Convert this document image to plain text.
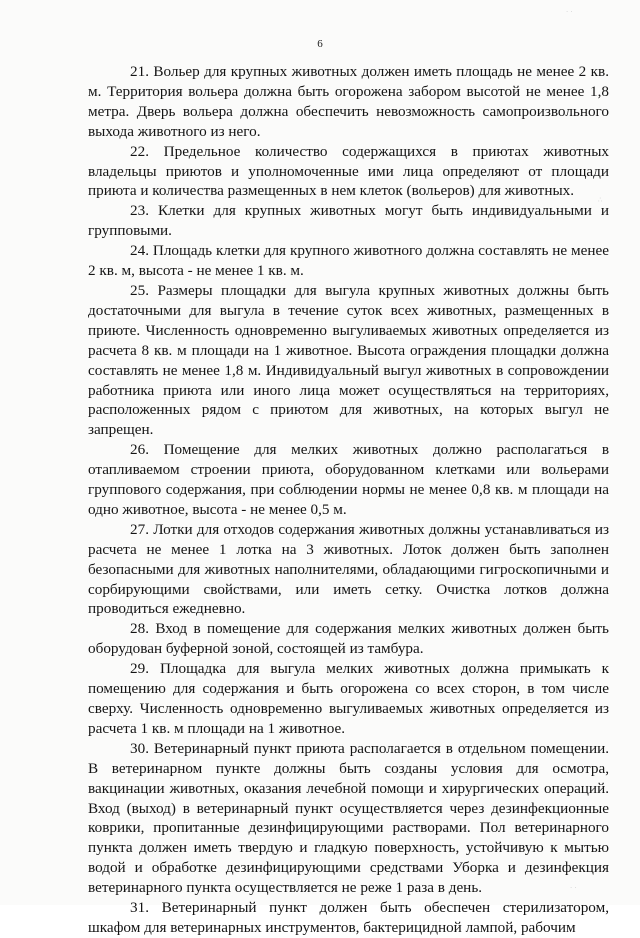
6

21. Вольер для крупных животных должен иметь площадь не менее 2 кв. м. Территория вольера должна быть огорожена забором высотой не менее 1,8 метра. Дверь вольера должна обеспечить невозможность самопроизвольного выхода животного из него.

22. Предельное количество содержащихся в приютах животных владельцы приютов и уполномоченные ими лица определяют от площади приюта и количества размещенных в нем клеток (вольеров) для животных.

23. Клетки для крупных животных могут быть индивидуальными и групповыми.

24. Площадь клетки для крупного животного должна составлять не менее 2 кв. м, высота - не менее 1 кв. м.

25. Размеры площадки для выгула крупных животных должны быть достаточными для выгула в течение суток всех животных, размещенных в приюте. Численность одновременно выгуливаемых животных определяется из расчета 8 кв. м площади на 1 животное. Высота ограждения площадки должна составлять не менее 1,8 м. Индивидуальный выгул животных в сопровождении работника приюта или иного лица может осуществляться на территориях, расположенных рядом с приютом для животных, на которых выгул не запрещен.

26. Помещение для мелких животных должно располагаться в отапливаемом строении приюта, оборудованном клетками или вольерами группового содержания, при соблюдении нормы не менее 0,8 кв. м площади на одно животное, высота - не менее 0,5 м.

27. Лотки для отходов содержания животных должны устанавливаться из расчета не менее 1 лотка на 3 животных. Лоток должен быть заполнен безопасными для животных наполнителями, обладающими гигроскопичными и сорбирующими свойствами, или иметь сетку. Очистка лотков должна проводиться ежедневно.

28. Вход в помещение для содержания мелких животных должен быть оборудован буферной зоной, состоящей из тамбура.

29. Площадка для выгула мелких животных должна примыкать к помещению для содержания и быть огорожена со всех сторон, в том числе сверху. Численность одновременно выгуливаемых животных определяется из расчета 1 кв. м площади на 1 животное.

30. Ветеринарный пункт приюта располагается в отдельном помещении. В ветеринарном пункте должны быть созданы условия для осмотра, вакцинации животных, оказания лечебной помощи и хирургических операций. Вход (выход) в ветеринарный пункт осуществляется через дезинфекционные коврики, пропитанные дезинфицирующими растворами. Пол ветеринарного пункта должен иметь твердую и гладкую поверхность, устойчивую к мытью водой и обработке дезинфицирующими средствами Уборка и дезинфекция ветеринарного пункта осуществляется не реже 1 раза в день.

31. Ветеринарный пункт должен быть обеспечен стерилизатором, шкафом для ветеринарных инструментов, бактерицидной лампой, рабочим

∴
· ·
· ·
